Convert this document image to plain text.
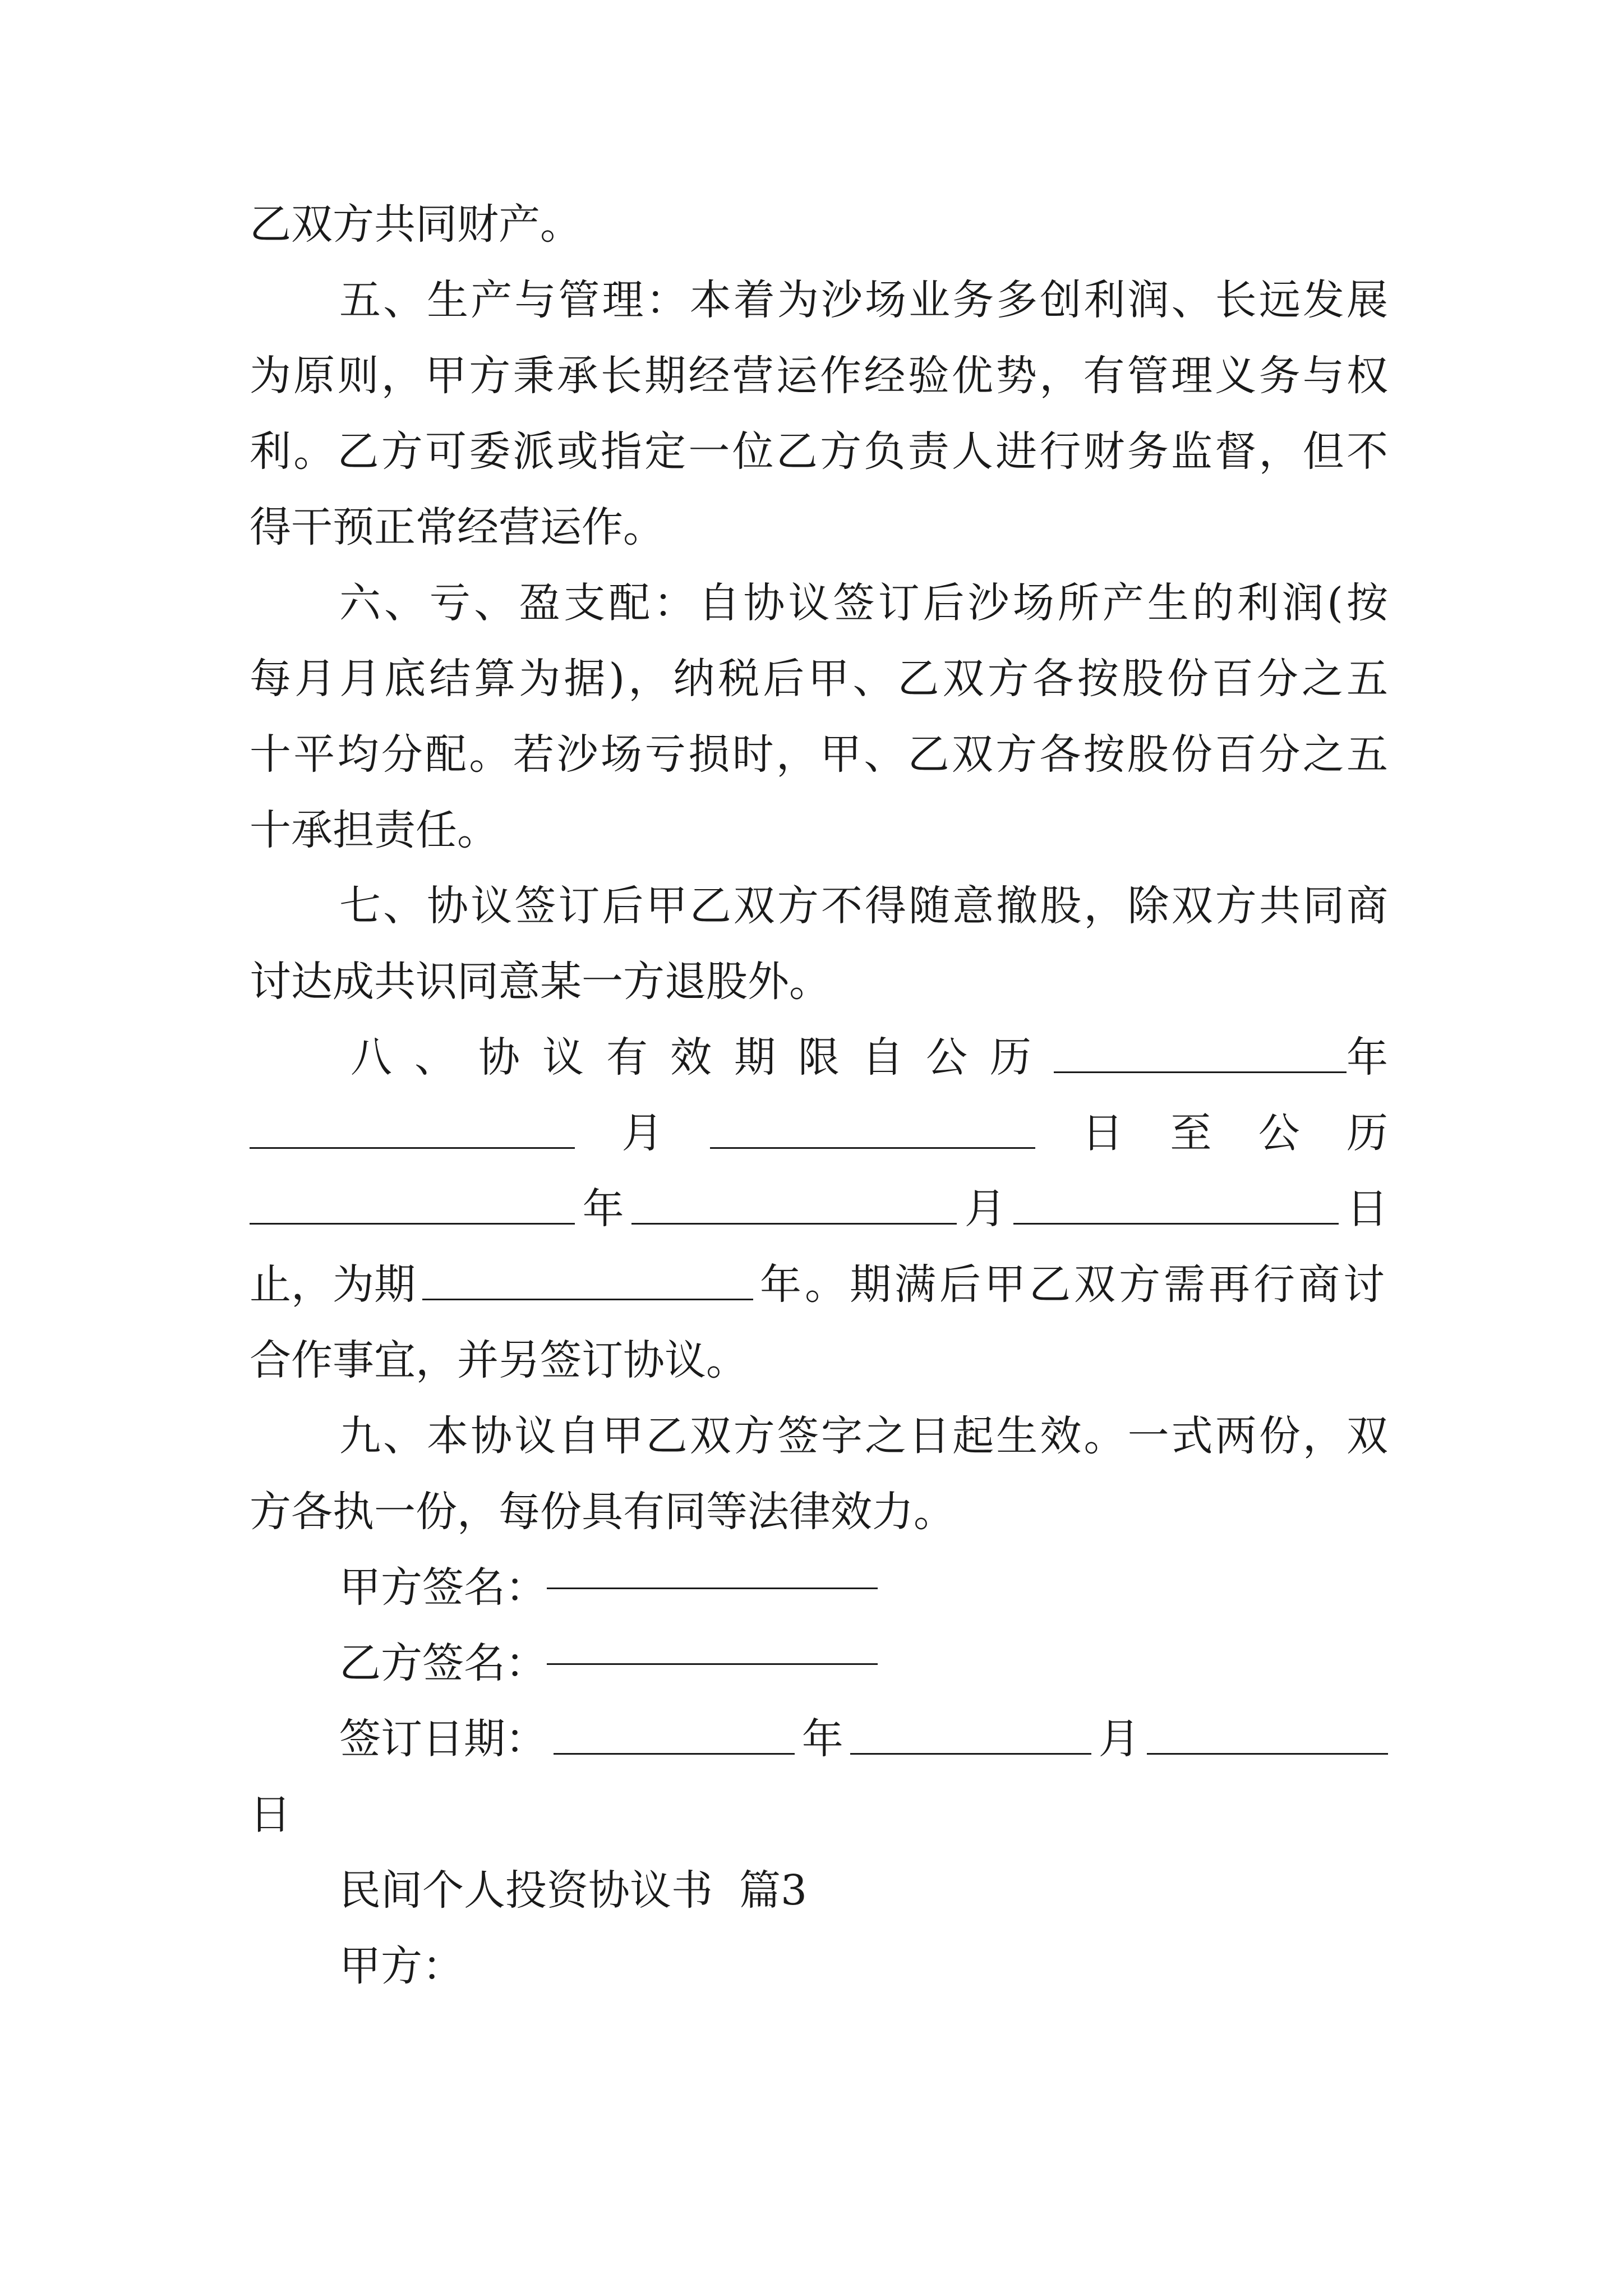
乙双方共同财产。
五、生产与管理：本着为沙场业务多创利润、长远发展
为原则，甲方秉承长期经营运作经验优势，有管理义务与权
利。乙方可委派或指定一位乙方负责人进行财务监督，但不
得干预正常经营运作。
六、亏、盈支配：自协议签订后沙场所产生的利润(按
每月月底结算为据)，纳税后甲、乙双方各按股份百分之五
十平均分配。若沙场亏损时，甲、乙双方各按股份百分之五
十承担责任。
七、协议签订后甲乙双方不得随意撤股，除双方共同商
讨达成共识同意某一方退股外。
八、协议有效期限自公历	年
月	日 至 公 历
年	月	日
止，为期	年。期满后甲乙双方需再行商讨
合作事宜，并另签订协议。
九、本协议自甲乙双方签字之日起生效。一式两份，双
方各执一份，每份具有同等法律效力。
甲方签名：
乙方签名：
签订日期：	年	月
日
民间个人投资协议书  篇3
甲方：
